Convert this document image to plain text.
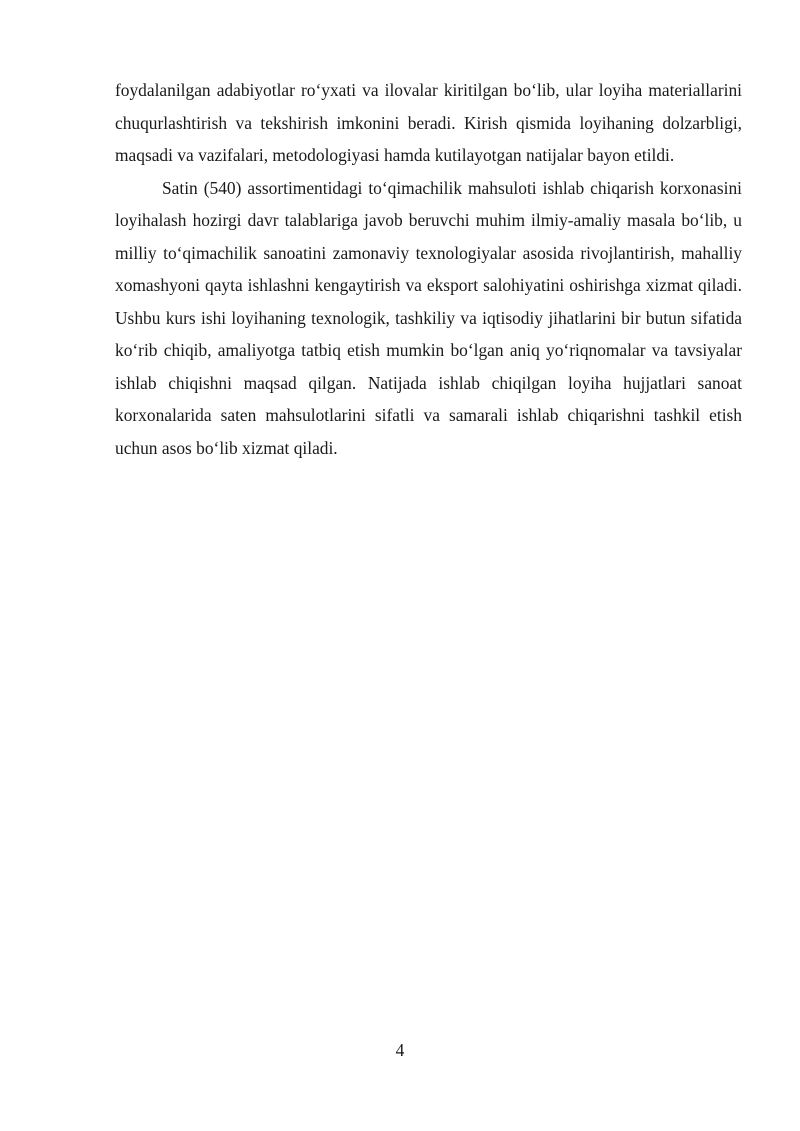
foydalanilgan adabiyotlar ro‘yxati va ilovalar kiritilgan bo‘lib, ular loyiha materiallarini chuqurlashtirish va tekshirish imkonini beradi. Kirish qismida loyihaning dolzarbligi, maqsadi va vazifalari, metodologiyasi hamda kutilayotgan natijalar bayon etildi.

Satin (540) assortimentidagi to‘qimachilik mahsuloti ishlab chiqarish korxonasini loyihalash hozirgi davr talablariga javob beruvchi muhim ilmiy-amaliy masala bo‘lib, u milliy to‘qimachilik sanoatini zamonaviy texnologiyalar asosida rivojlantirish, mahalliy xomashyoni qayta ishlashni kengaytirish va eksport salohiyatini oshirishga xizmat qiladi. Ushbu kurs ishi loyihaning texnologik, tashkiliy va iqtisodiy jihatlarini bir butun sifatida ko‘rib chiqib, amaliyotga tatbiq etish mumkin bo‘lgan aniq yo‘riqnomalar va tavsiyalar ishlab chiqishni maqsad qilgan. Natijada ishlab chiqilgan loyiha hujjatlari sanoat korxonalarida saten mahsulotlarini sifatli va samarali ishlab chiqarishni tashkil etish uchun asos bo‘lib xizmat qiladi.

4
